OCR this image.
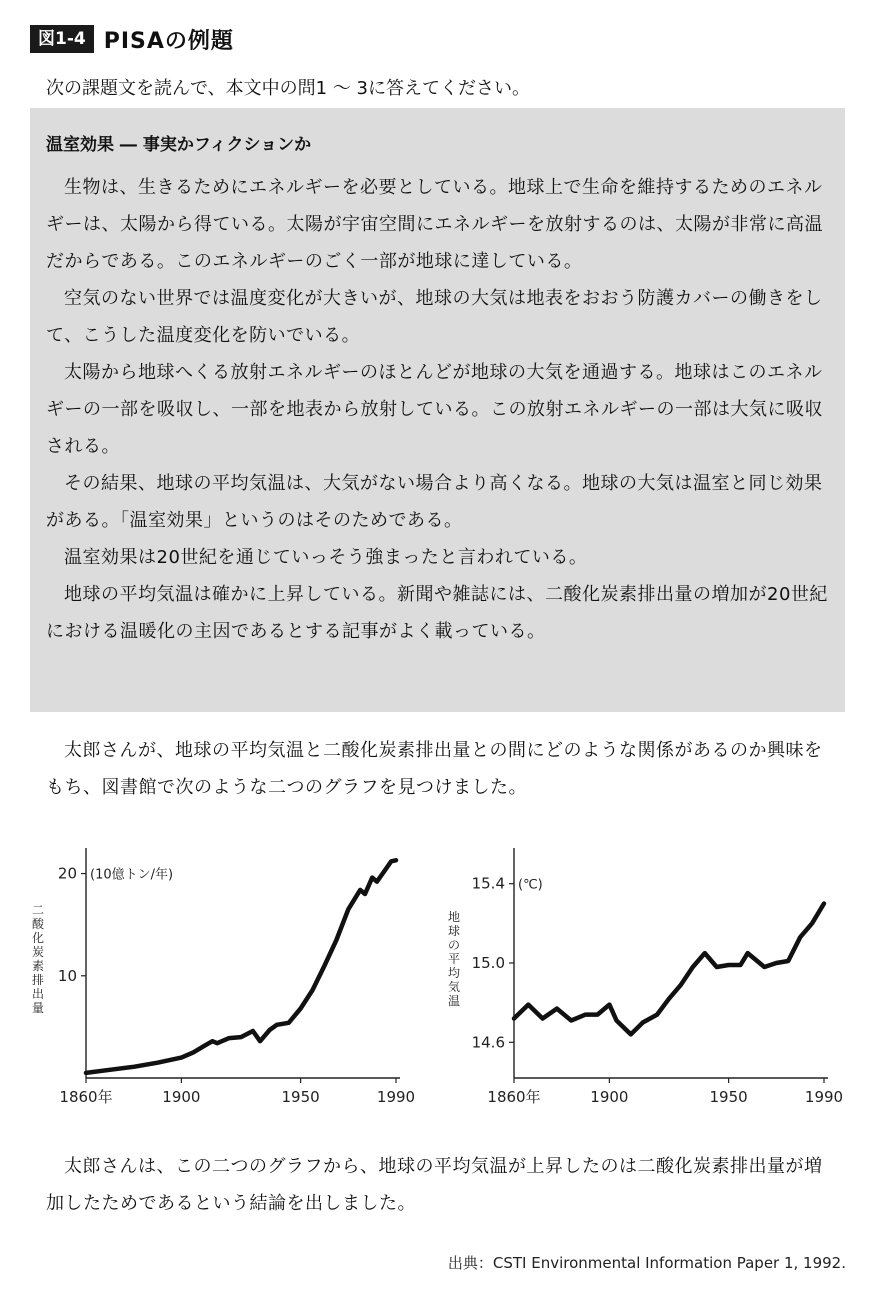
図1-4 PISAの例題
次の課題文を読んで、本文中の問1 ～ 3に答えてください。
温室効果 ― 事実かフィクションか

生物は、生きるためにエネルギーを必要としている。地球上で生命を維持するためのエネルギーは、太陽から得ている。太陽が宇宙空間にエネルギーを放射するのは、太陽が非常に高温だからである。このエネルギーのごく一部が地球に達している。

空気のない世界では温度変化が大きいが、地球の大気は地表をおおう防護カバーの働きをして、こうした温度変化を防いでいる。

太陽から地球へくる放射エネルギーのほとんどが地球の大気を通過する。地球はこのエネルギーの一部を吸収し、一部を地表から放射している。この放射エネルギーの一部は大気に吸収される。

その結果、地球の平均気温は、大気がない場合より高くなる。地球の大気は温室と同じ効果がある。「温室効果」というのはそのためである。

温室効果は20世紀を通じていっそう強まったと言われている。

地球の平均気温は確かに上昇している。新聞や雑誌には、二酸化炭素排出量の増加が20世紀における温暖化の主因であるとする記事がよく載っている。

太郎さんが、地球の平均気温と二酸化炭素排出量との間にどのような関係があるのか興味をもち、図書館で次のような二つのグラフを見つけました。

1860年	1900	1950	1990
10
20 (10億トン/年)
二酸化炭素排出量
1860年	1900	1950	1990
14.6
15.0
15.4 (℃)
地球の平均気温

太郎さんは、この二つのグラフから、地球の平均気温が上昇したのは二酸化炭素排出量が増加したためであるという結論を出しました。

出典：CSTI Environmental Information Paper 1, 1992.
